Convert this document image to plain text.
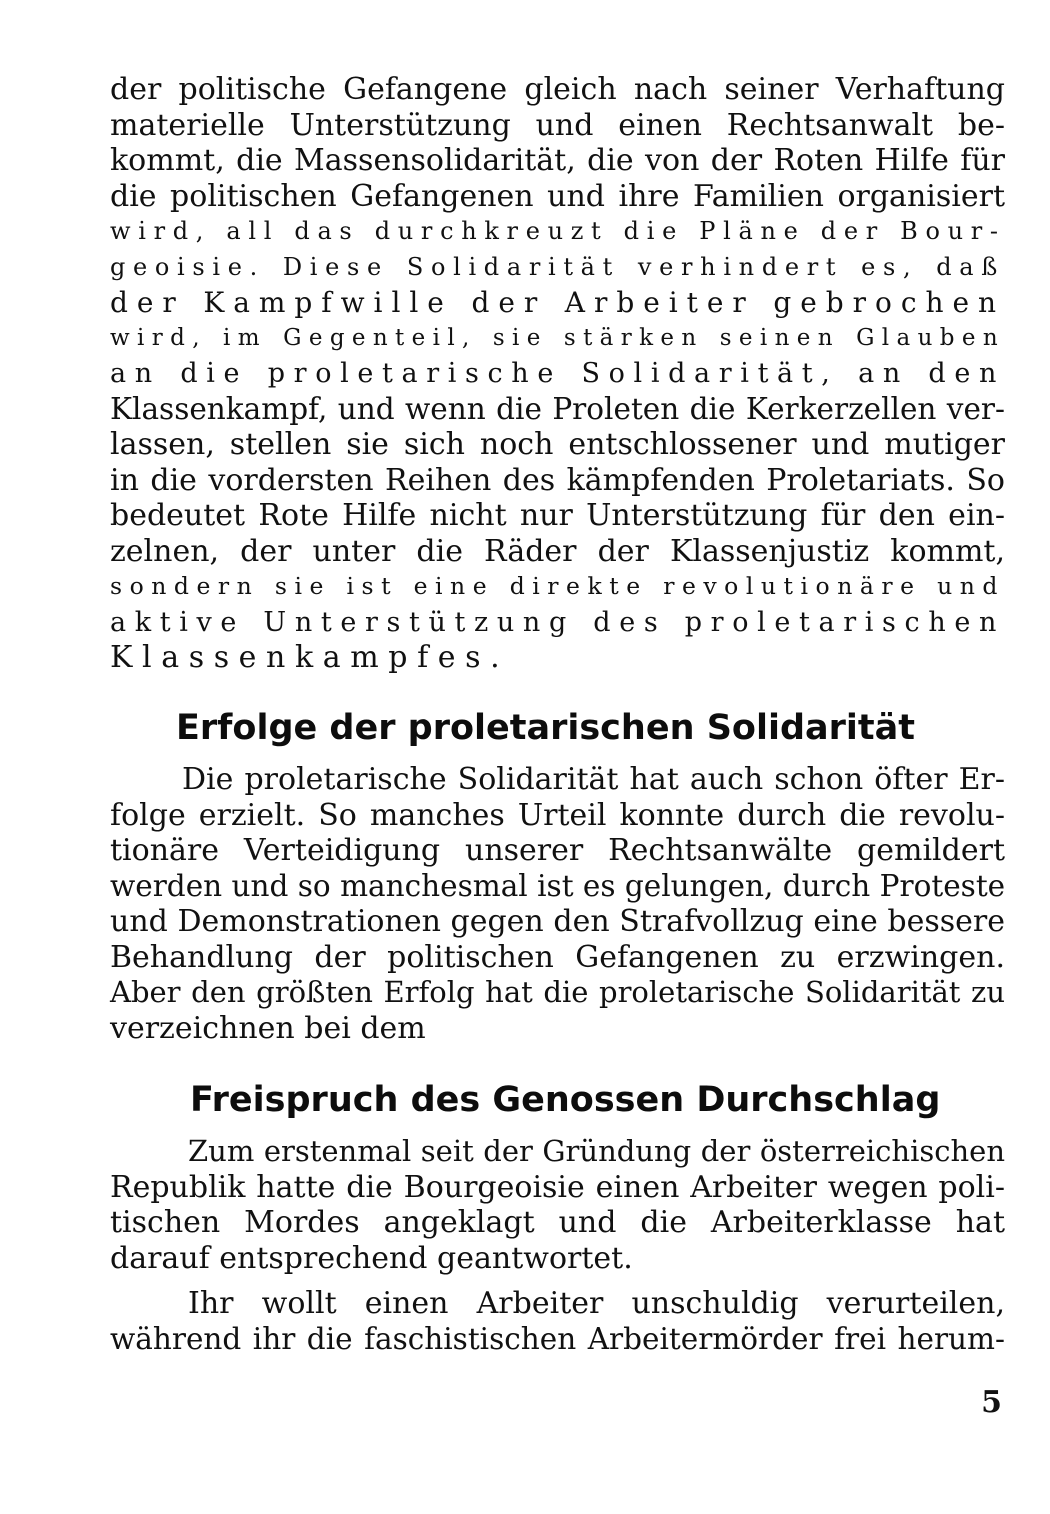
der politische Gefangene gleich nach seiner Verhaftung
materielle Unterstützung und einen Rechtsanwalt be-
kommt, die Massensolidarität, die von der Roten Hilfe für
die politischen Gefangenen und ihre Familien organisiert
wird, all das durchkreuzt die Pläne der Bour-
geoisie. Diese Solidarität verhindert es, daß
der Kampfwille der Arbeiter gebrochen
wird, im Gegenteil, sie stärken seinen Glauben
an die proletarische Solidarität, an den
Klassenkampf, und wenn die Proleten die Kerkerzellen ver-
lassen, stellen sie sich noch entschlossener und mutiger
in die vordersten Reihen des kämpfenden Proletariats. So
bedeutet Rote Hilfe nicht nur Unterstützung für den ein-
zelnen, der unter die Räder der Klassenjustiz kommt,
sondern sie ist eine direkte revolutionäre und
aktive Unterstützung des proletarischen
Klassenkampfes.
Erfolge der proletarischen Solidarität
Die proletarische Solidarität hat auch schon öfter Er-
folge erzielt. So manches Urteil konnte durch die revolu-
tionäre Verteidigung unserer Rechtsanwälte gemildert
werden und so manchesmal ist es gelungen, durch Proteste
und Demonstrationen gegen den Strafvollzug eine bessere
Behandlung der politischen Gefangenen zu erzwingen.
Aber den größten Erfolg hat die proletarische Solidarität zu
verzeichnen bei dem
Freispruch des Genossen Durchschlag
Zum erstenmal seit der Gründung der österreichischen
Republik hatte die Bourgeoisie einen Arbeiter wegen poli-
tischen Mordes angeklagt und die Arbeiterklasse hat
darauf entsprechend geantwortet.
Ihr wollt einen Arbeiter unschuldig verurteilen,
während ihr die faschistischen Arbeitermörder frei herum-
5
